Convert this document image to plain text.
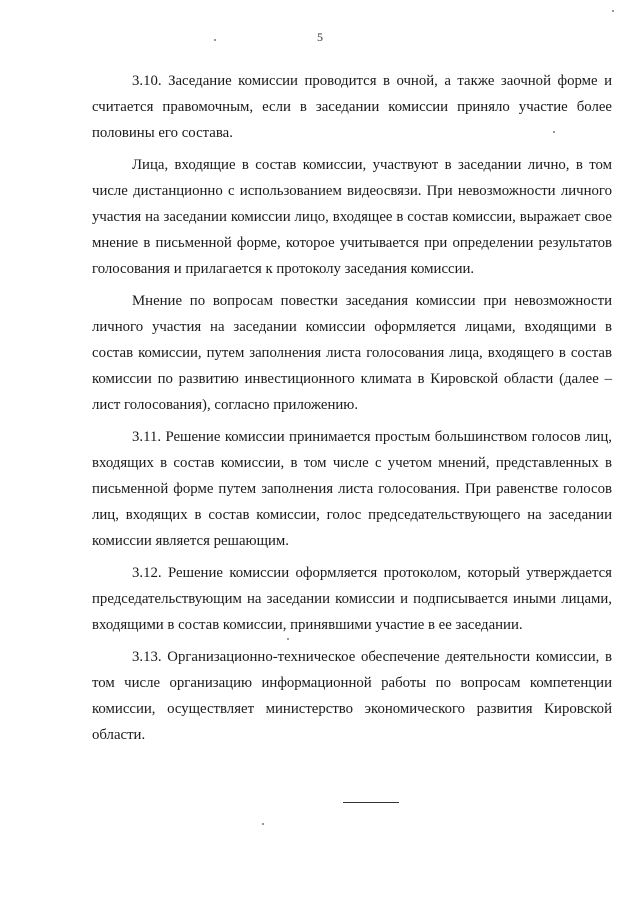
5

3.10. Заседание комиссии проводится в очной, а также заочной форме и считается правомочным, если в заседании комиссии приняло участие более половины его состава.

Лица, входящие в состав комиссии, участвуют в заседании лично, в том числе дистанционно с использованием видеосвязи. При невозможности личного участия на заседании комиссии лицо, входящее в состав комиссии, выражает свое мнение в письменной форме, которое учитывается при определении результатов голосования и прилагается к протоколу заседания комиссии.

Мнение по вопросам повестки заседания комиссии при невозможности личного участия на заседании комиссии оформляется лицами, входящими в состав комиссии, путем заполнения листа голосования лица, входящего в состав комиссии по развитию инвестиционного климата в Кировской области (далее – лист голосования), согласно приложению.

3.11. Решение комиссии принимается простым большинством голосов лиц, входящих в состав комиссии, в том числе с учетом мнений, представленных в письменной форме путем заполнения листа голосования. При равенстве голосов лиц, входящих в состав комиссии, голос председательствующего на заседании комиссии является решающим.

3.12. Решение комиссии оформляется протоколом, который утверждается председательствующим на заседании комиссии и подписывается иными лицами, входящими в состав комиссии, принявшими участие в ее заседании.

3.13. Организационно-техническое обеспечение деятельности комиссии, в том числе организацию информационной работы по вопросам компетенции комиссии, осуществляет министерство экономического развития Кировской области.
